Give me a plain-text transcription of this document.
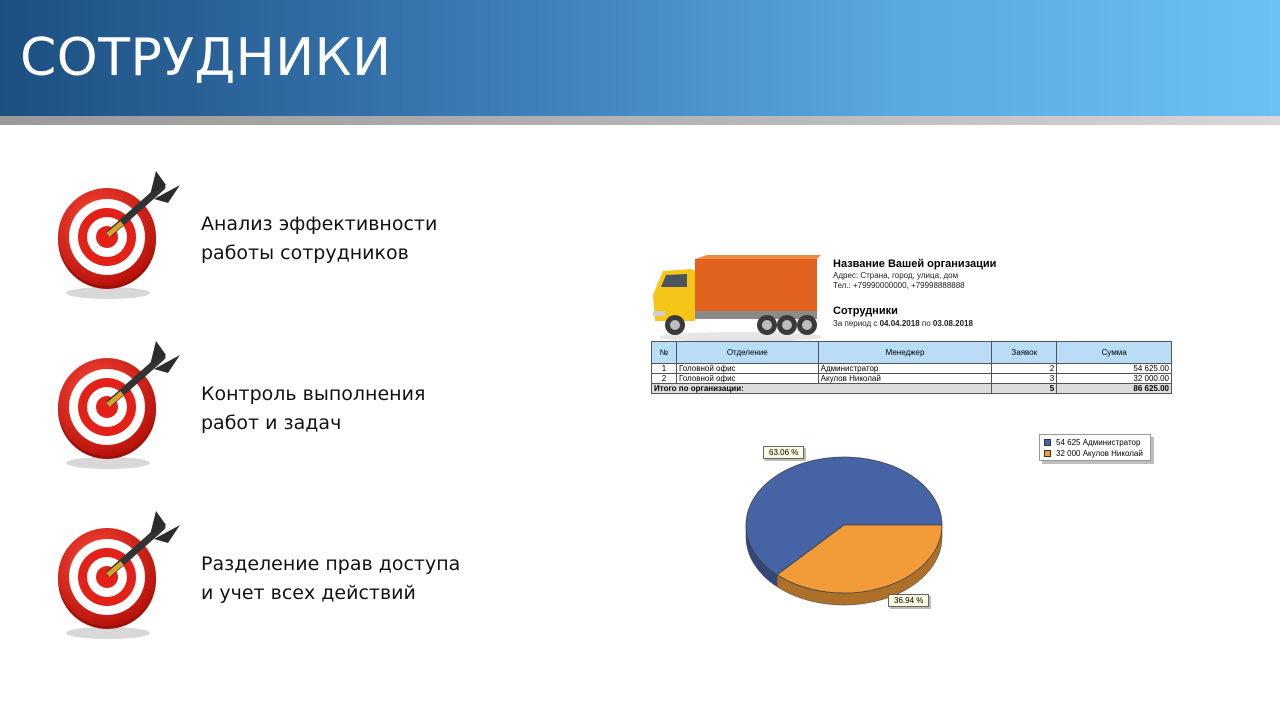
СОТРУДНИКИ
Анализ эффективности
работы сотрудников
Контроль выполнения
работ и задач
Разделение прав доступа
и учет всех действий
Название Вашей организации
Адрес: Страна, город, улица, дом
Тел.: +79990000000, +79998888888
Сотрудники
За период с 04.04.2018 по 03.08.2018
№	Отделение	Менеджер	Заявок	Сумма
1	Головной офис	Администратор	2	54 625.00
2	Головной офис	Акулов Николай	3	32 000.00
Итого по организации:			5	86 625.00
54 625 Администратор
32 000 Акулов Николай
63.06 %
36.94 %
